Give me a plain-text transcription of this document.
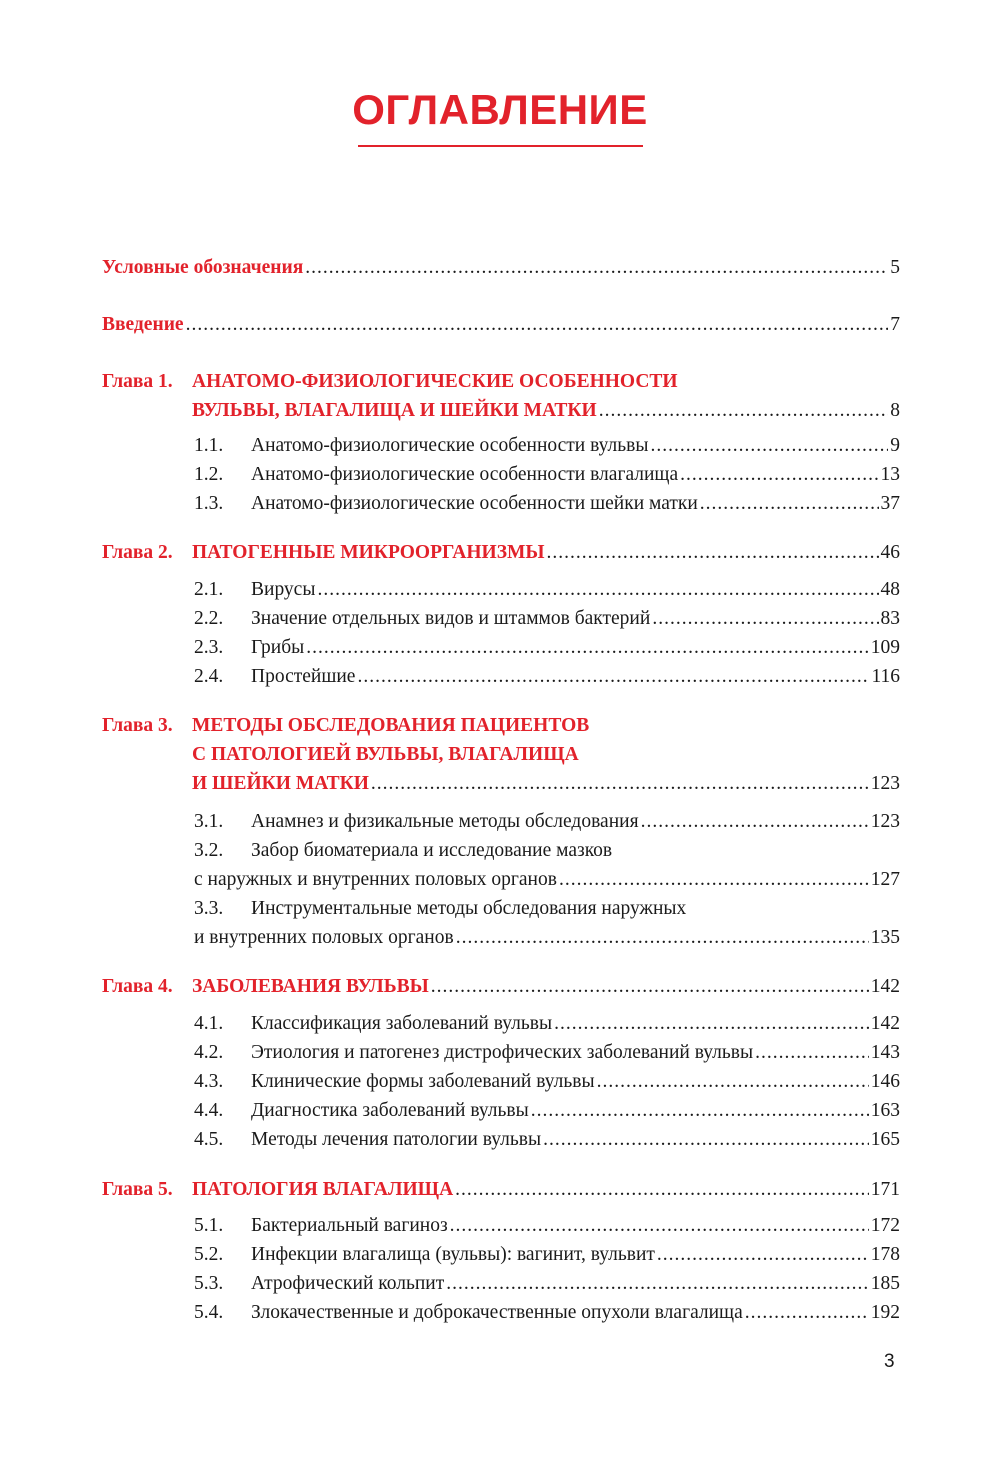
ОГЛАВЛЕНИЕ
Условные обозначения .....	5
Введение .....	7
Глава 1. АНАТОМО-ФИЗИОЛОГИЧЕСКИЕ ОСОБЕННОСТИ
ВУЛЬВЫ, ВЛАГАЛИЩА И ШЕЙКИ МАТКИ .....	8
1.1.	Анатомо-физиологические особенности вульвы .....	9
1.2.	Анатомо-физиологические особенности влагалища .....	13
1.3.	Анатомо-физиологические особенности шейки матки .....	37
Глава 2. ПАТОГЕННЫЕ МИКРООРГАНИЗМЫ .....	46
2.1.	Вирусы .....	48
2.2.	Значение отдельных видов и штаммов бактерий .....	83
2.3.	Грибы .....	109
2.4.	Простейшие .....	116
Глава 3. МЕТОДЫ ОБСЛЕДОВАНИЯ ПАЦИЕНТОВ
С ПАТОЛОГИЕЙ ВУЛЬВЫ, ВЛАГАЛИЩА
И ШЕЙКИ МАТКИ .....	123
3.1.	Анамнез и физикальные методы обследования .....	123
3.2. Забор биоматериала и исследование мазков
с наружных и внутренних половых органов .....	127
3.3. Инструментальные методы обследования наружных
и внутренних половых органов .....	135
Глава 4. ЗАБОЛЕВАНИЯ ВУЛЬВЫ .....	142
4.1.	Классификация заболеваний вульвы .....	142
4.2.	Этиология и патогенез дистрофических заболеваний вульвы .....	143
4.3.	Клинические формы заболеваний вульвы .....	146
4.4.	Диагностика заболеваний вульвы .....	163
4.5.	Методы лечения патологии вульвы .....	165
Глава 5. ПАТОЛОГИЯ ВЛАГАЛИЩА .....	171
5.1.	Бактериальный вагиноз .....	172
5.2.	Инфекции влагалища (вульвы): вагинит, вульвит .....	178
5.3.	Атрофический кольпит .....	185
5.4.	Злокачественные и доброкачественные опухоли влагалища .....	192
3
